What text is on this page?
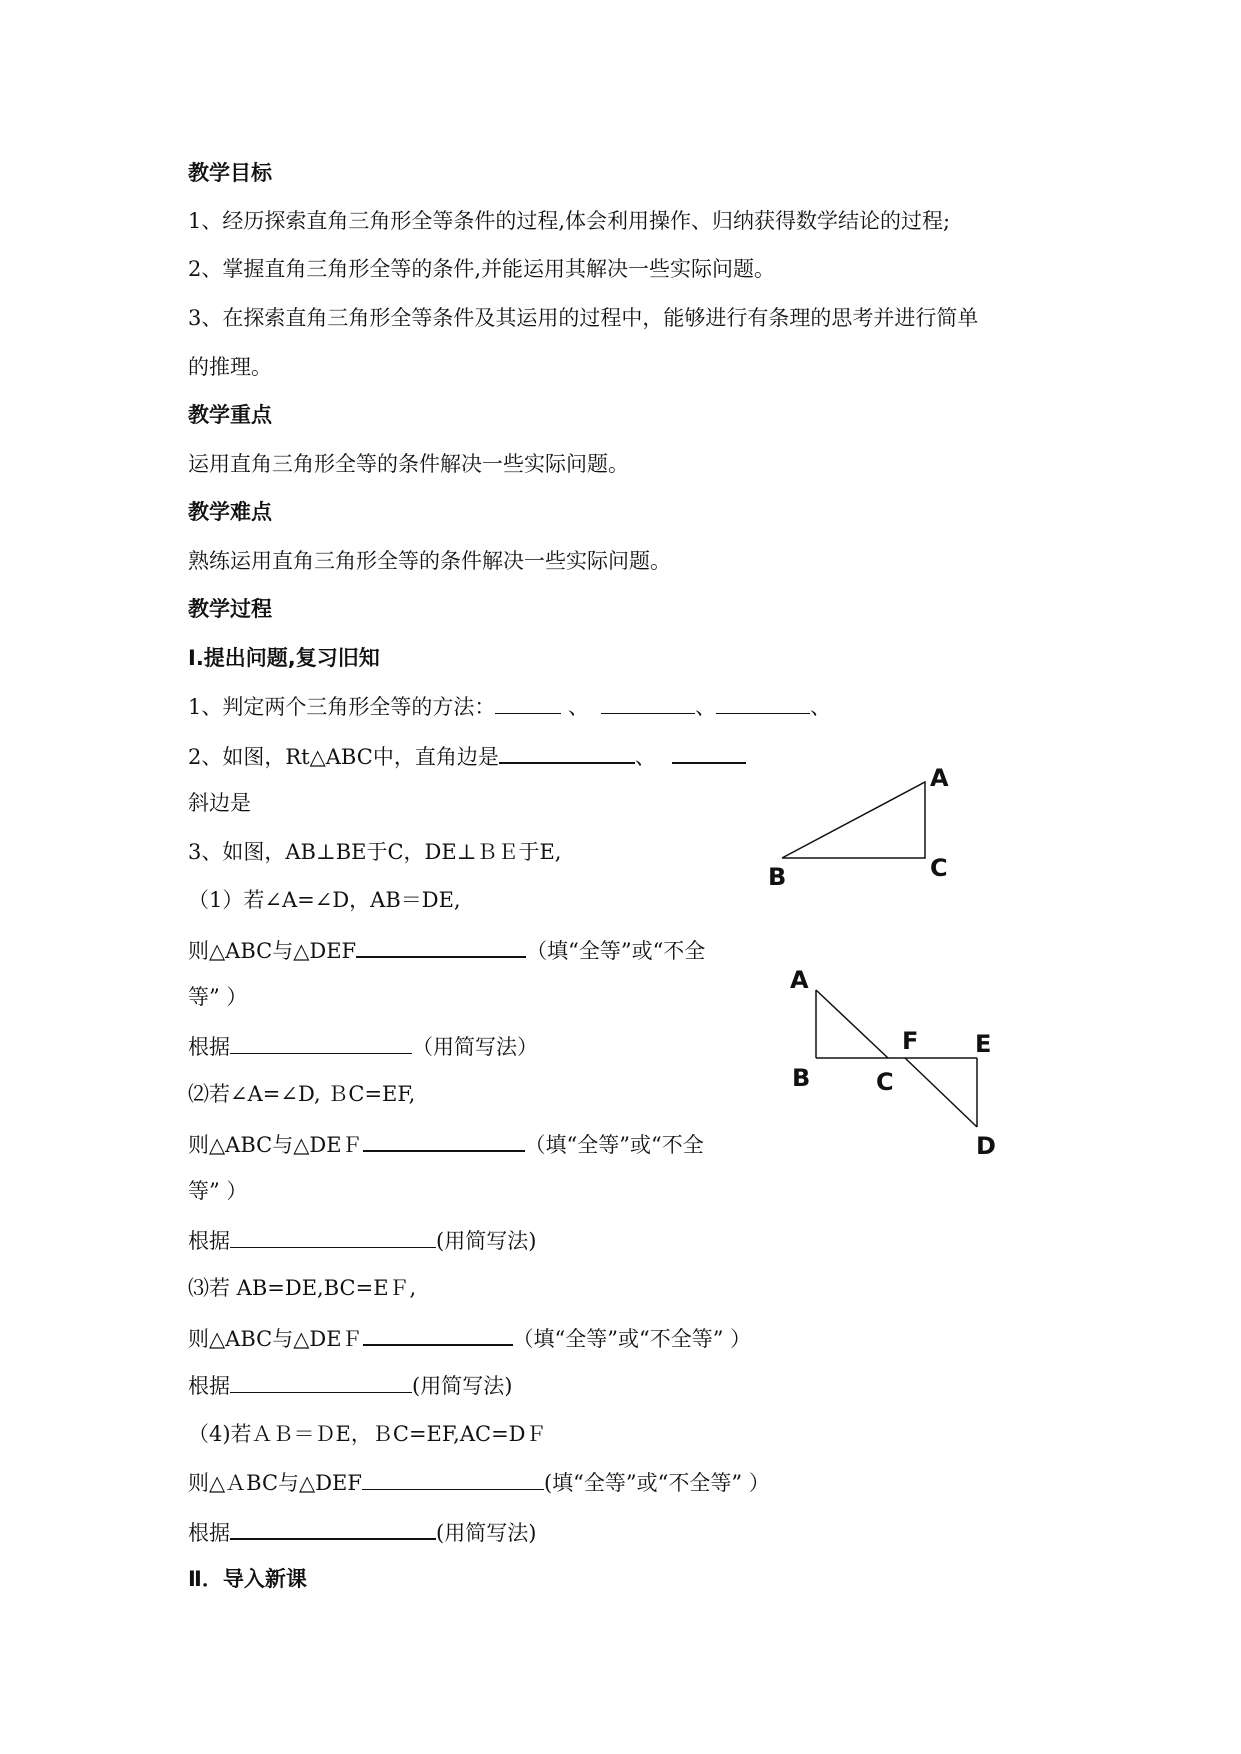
教学目标
1、经历探索直角三角形全等条件的过程,体会利用操作、归纳获得数学结论的过程;
2、掌握直角三角形全等的条件,并能运用其解决一些实际问题。
3、在探索直角三角形全等条件及其运用的过程中，能够进行有条理的思考并进行简单
的推理。
教学重点
运用直角三角形全等的条件解决一些实际问题。
教学难点
熟练运用直角三角形全等的条件解决一些实际问题。
教学过程
Ⅰ.提出问题,复习旧知
1、判定两个三角形全等的方法：	、	、	、
2、如图，Rt△ABC中，直角边是	、
斜边是
3、如图，AB⊥BE于C，DE⊥ＢＥ于E,
（1）若∠A=∠D，AB＝DE,
则△ABC与△DEF	（填“全等”或“不全
等” ）
根据	（用简写法）
⑵若∠A=∠D, ＢC=EF,
则△ABC与△DEＦ	（填“全等”或“不全
等” ）
根据	(用简写法)
⑶若 AB=DE,BC=EＦ,
则△ABC与△DEＦ	（填“全等”或“不全等” ）
根据	(用简写法)
（4)若ＡＢ＝ＤE，ＢC=EF,AC=DＦ
则△ＡBC与△DEF	(填“全等”或“不全等” ）
根据	(用简写法)
Ⅱ．导入新课
A
B	C
A
B	C
F E
D
